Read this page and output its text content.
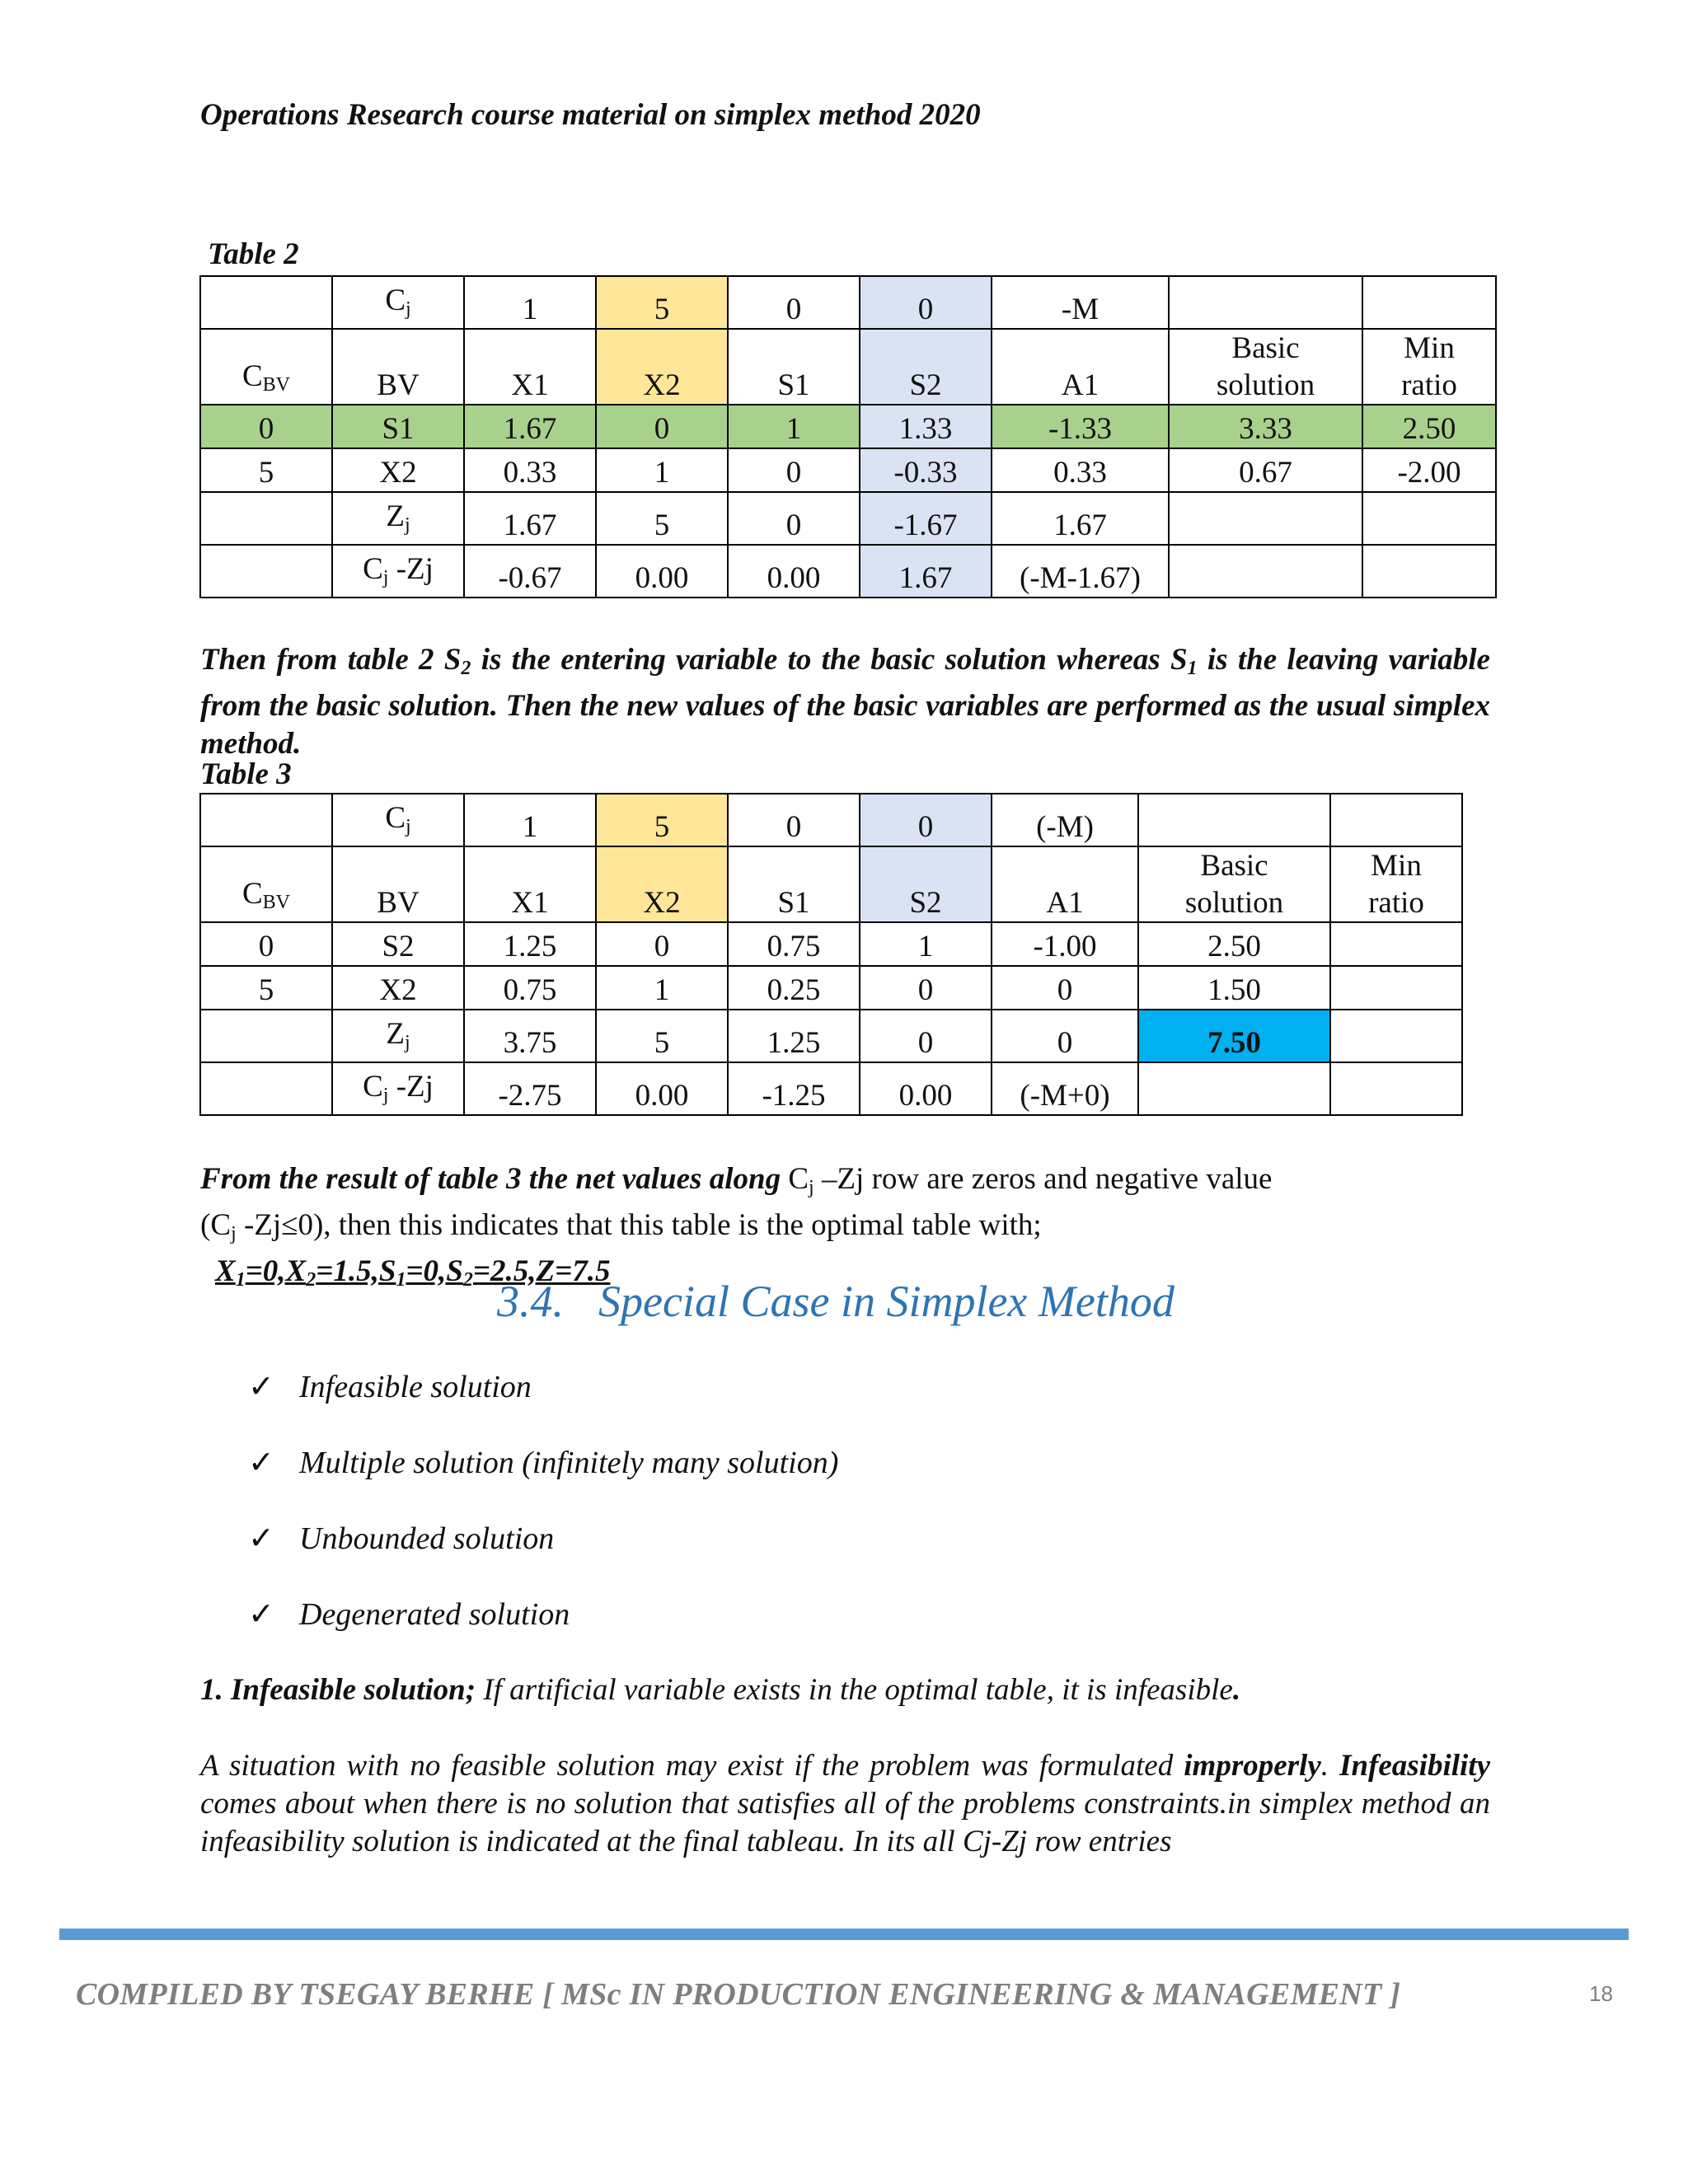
Operations Research course material on simplex method 2020
Table 2
	$C_j$	1	5	0	0	-M		
$C_{BV}$	BV	X1	X2	S1	S2	A1	Basic solution	Min ratio
0	S1	1.67	0	1	1.33	-1.33	3.33	2.50
5	X2	0.33	1	0	-0.33	0.33	0.67	-2.00
	$Z_j$	1.67	5	0	-1.67	1.67		
	$C_j$ -Zj	-0.67	0.00	0.00	1.67	(-M-1.67)		
Then from table 2 $S_2$ is the entering variable to the basic solution whereas $S_1$ is the leaving variable from the basic solution. Then the new values of the basic variables are performed as the usual simplex method.
Table 3
	$C_j$	1	5	0	0	(-M)		
$C_{BV}$	BV	X1	X2	S1	S2	A1	Basic solution	Min ratio
0	S2	1.25	0	0.75	1	-1.00	2.50	
5	X2	0.75	1	0.25	0	0	1.50	
	$Z_j$	3.75	5	1.25	0	0	7.50	
	$C_j$ -Zj	-2.75	0.00	-1.25	0.00	(-M+0)		
From the result of table 3 the net values along $C_j$ –Zj row are zeros and negative value
($C_j$ -Zj≤0), then this indicates that this table is the optimal table with;
$X_1=0,X_2=1.5,S_1=0,S_2=2.5,Z=7.5$
3.4. Special Case in Simplex Method
✓ Infeasible solution
✓ Multiple solution (infinitely many solution)
✓ Unbounded solution
✓ Degenerated solution
1. Infeasible solution; If artificial variable exists in the optimal table, it is infeasible.
A situation with no feasible solution may exist if the problem was formulated improperly. Infeasibility comes about when there is no solution that satisfies all of the problems constraints.in simplex method an infeasibility solution is indicated at the final tableau. In its all Cj-Zj row entries
COMPILED BY TSEGAY BERHE [ MSc IN PRODUCTION ENGINEERING & MANAGEMENT ]	18
